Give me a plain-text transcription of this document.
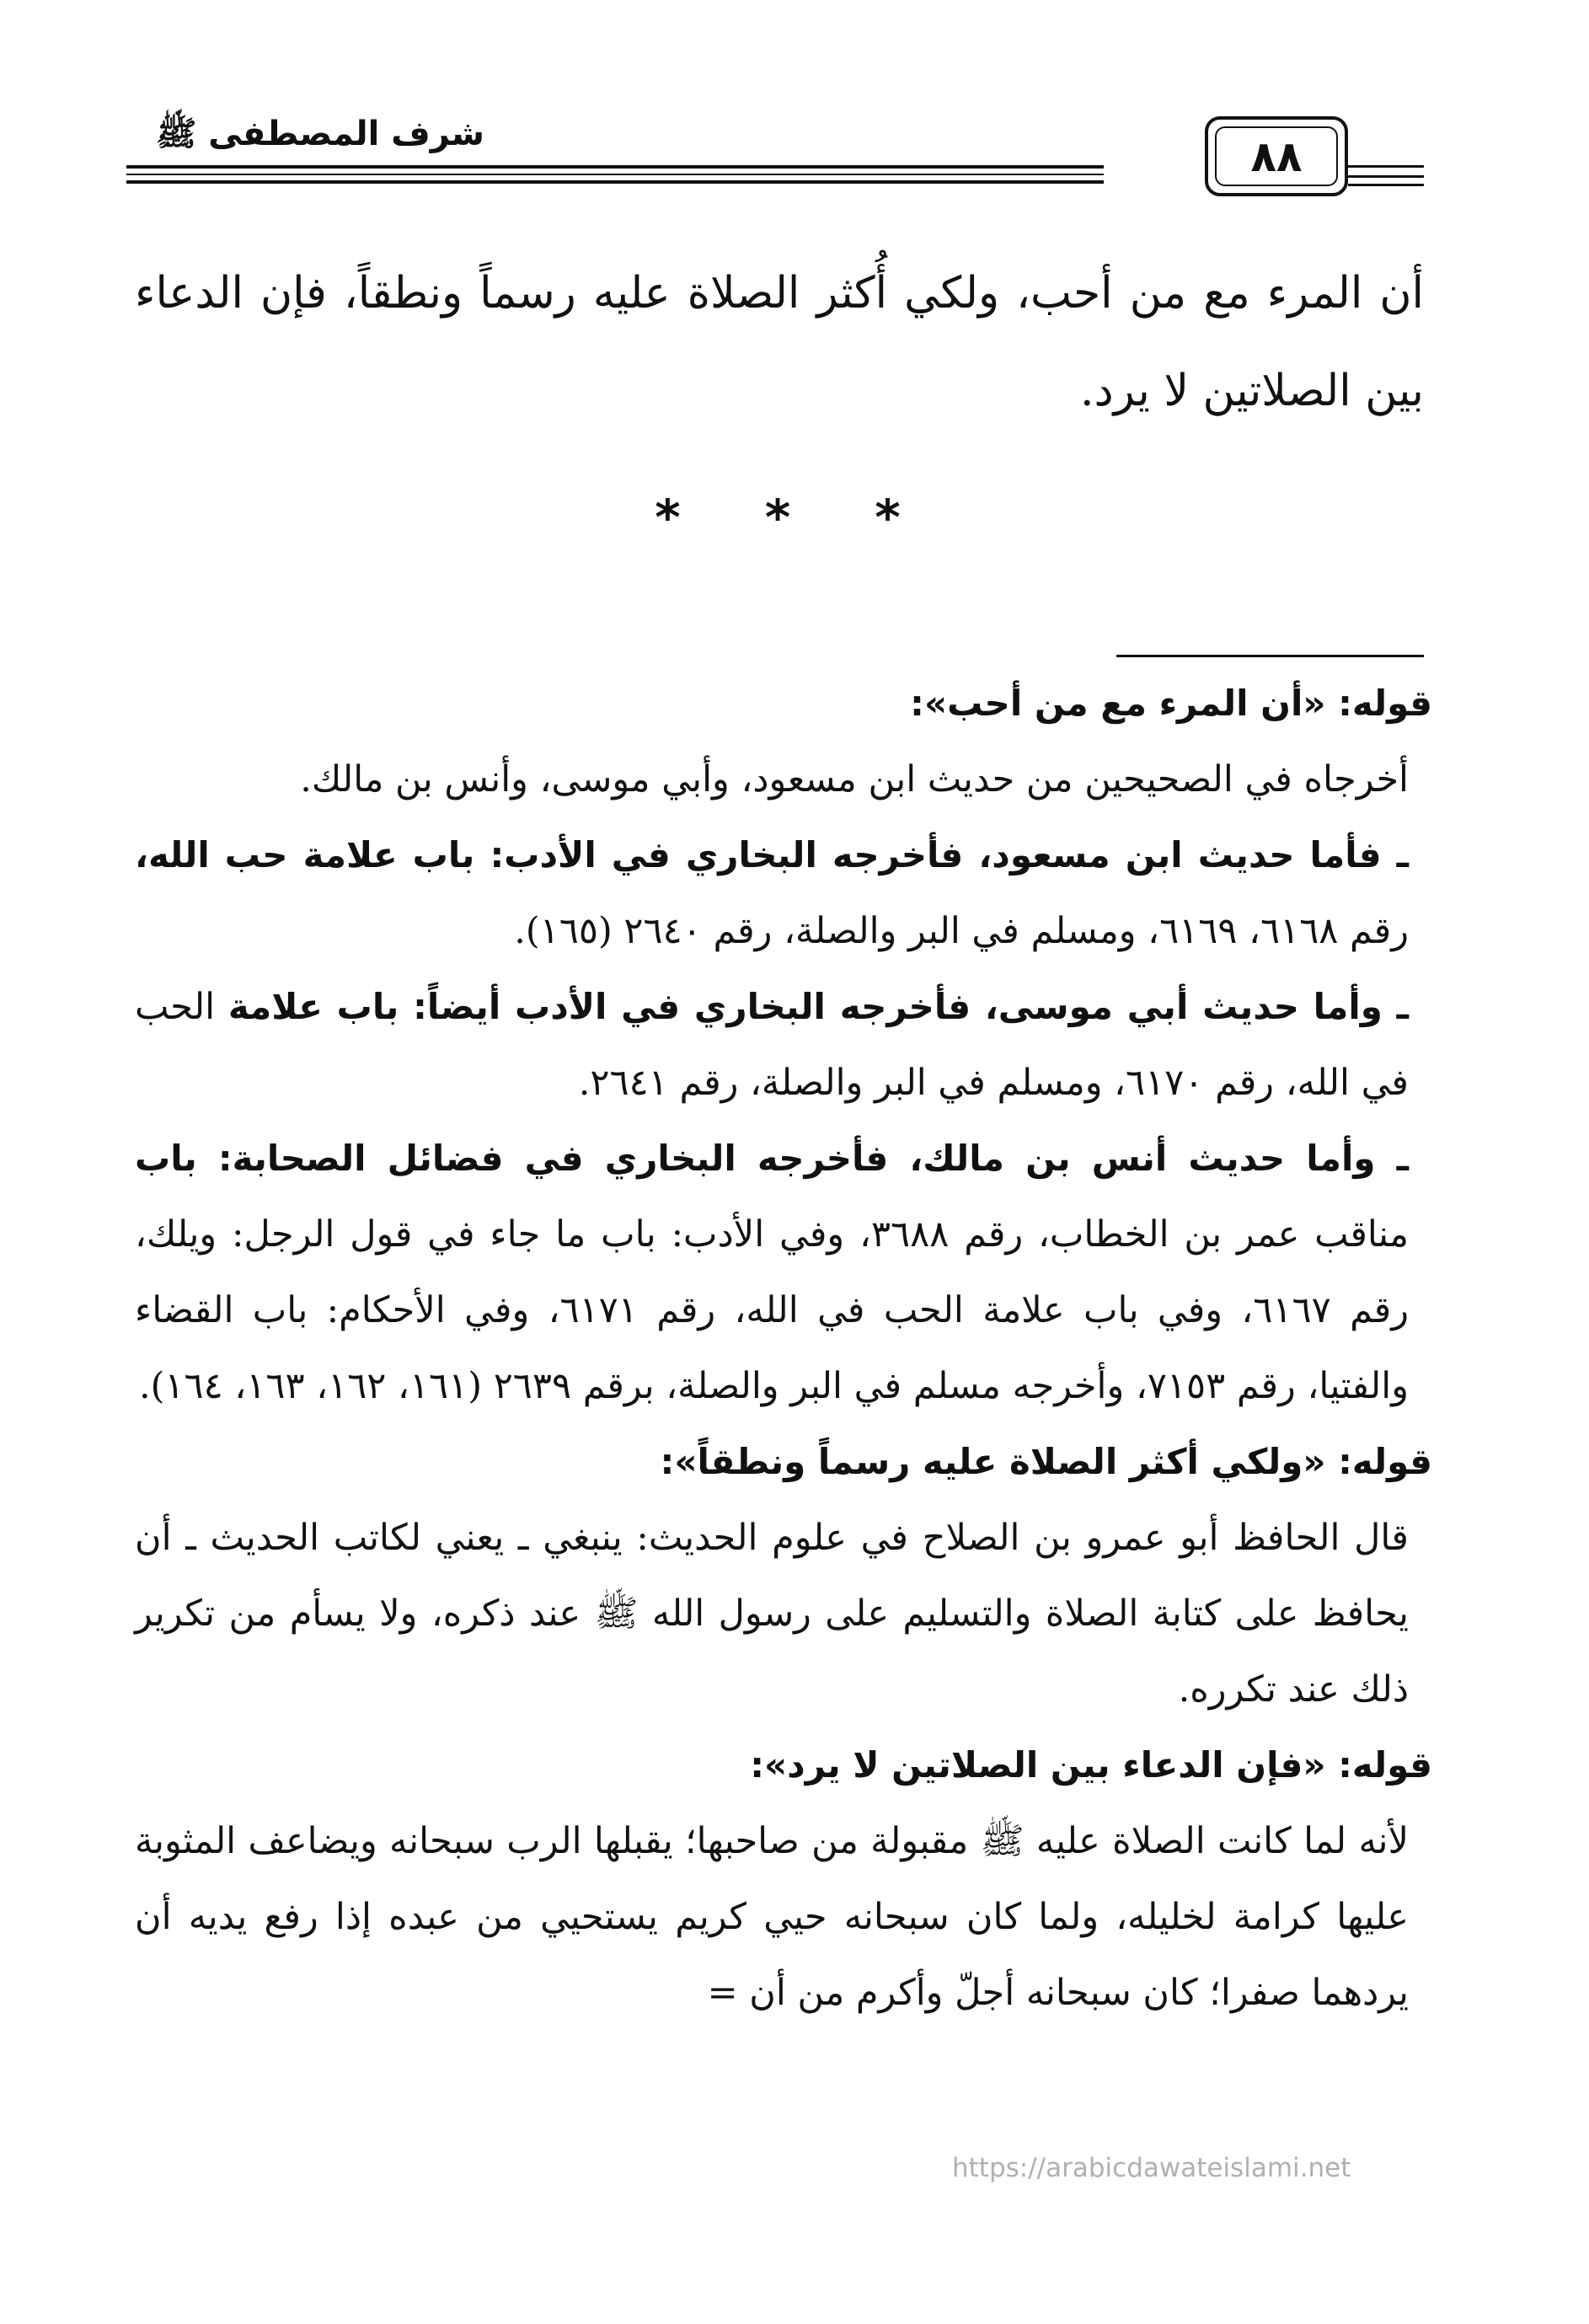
شرف المصطفى ﷺ	٨٨
أن المرء مع من أحب، ولكي أُكثر الصلاة عليه رسماً ونطقاً، فإن الدعاء بين الصلاتين لا يرد.
* * *
قوله: «أن المرء مع من أحب»:

أخرجاه في الصحيحين من حديث ابن مسعود، وأبي موسى، وأنس بن مالك.

ـ فأما حديث ابن مسعود، فأخرجه البخاري في الأدب: باب علامة حب الله، رقم ٦١٦٨، ٦١٦٩، ومسلم في البر والصلة، رقم ٢٦٤٠ (١٦٥).

ـ وأما حديث أبي موسى، فأخرجه البخاري في الأدب أيضاً: باب علامة الحب في الله، رقم ٦١٧٠، ومسلم في البر والصلة، رقم ٢٦٤١.

ـ وأما حديث أنس بن مالك، فأخرجه البخاري في فضائل الصحابة: باب مناقب عمر بن الخطاب، رقم ٣٦٨٨، وفي الأدب: باب ما جاء في قول الرجل: ويلك، رقم ٦١٦٧، وفي باب علامة الحب في الله، رقم ٦١٧١، وفي الأحكام: باب القضاء والفتيا، رقم ٧١٥٣، وأخرجه مسلم في البر والصلة، برقم ٢٦٣٩ (١٦١، ١٦٢، ١٦٣، ١٦٤).

قوله: «ولكي أكثر الصلاة عليه رسماً ونطقاً»:

قال الحافظ أبو عمرو بن الصلاح في علوم الحديث: ينبغي ـ يعني لكاتب الحديث ـ أن يحافظ على كتابة الصلاة والتسليم على رسول الله ﷺ عند ذكره، ولا يسأم من تكرير ذلك عند تكرره.

قوله: «فإن الدعاء بين الصلاتين لا يرد»:

لأنه لما كانت الصلاة عليه ﷺ مقبولة من صاحبها؛ يقبلها الرب سبحانه ويضاعف المثوبة عليها كرامة لخليله، ولما كان سبحانه حيي كريم يستحيي من عبده إذا رفع يديه أن يردهما صفرا؛ كان سبحانه أجلّ وأكرم من أن =

https://arabicdawateislami.net
